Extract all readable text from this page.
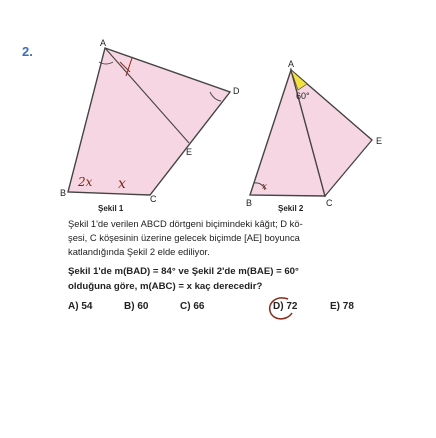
2.
A
D
E
B
C
2x x
60°
A
E
B	C
x
Şekil 1	Şekil 2
Şekil 1'de verilen ABCD dörtgeni biçimindeki kâğıt; D kö-
şesi, C köşesinin üzerine gelecek biçimde [AE] boyunca
katlandığında Şekil 2 elde ediliyor.
Şekil 1'de m(BAD) = 84° ve Şekil 2'de m(BAE) = 60°
olduğuna göre, m(ABC) = x kaç derecedir?
A) 54	B) 60	C) 66	D) 72	E) 78
